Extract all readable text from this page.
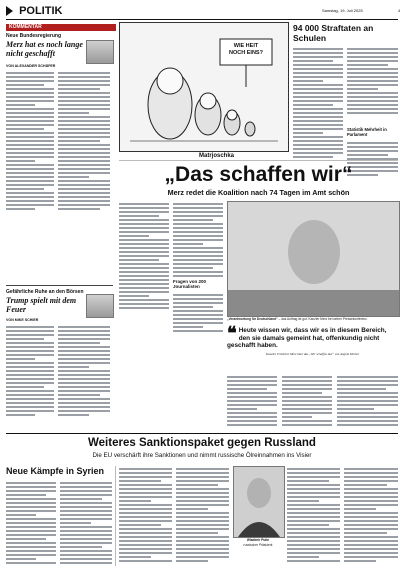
POLITIK	4
Samstag, 19. Juli 2025
KOMMENTAR
Neue Bundesregierung
Merz hat es noch lange nicht geschafft
VON ALEXANDER SCHÄFER
Gefährliche Ruhe an den Börsen
Trump spielt mit dem Feuer
VON MIKE SCHIER
WIE HEIT
NOCH EINS?
Matrjoschka
94 000 Straftaten an Schulen
Statistik Mehrheit in Parlament
„Das schaffen wir“
Merz redet die Koalition nach 74 Tagen im Amt schön
Fragen von 200 Journalisten
„Verantwortung für Deutschland“ – das Auftrag ist gut. Kanzler Merz bei seiner Pressekonferenz.
❝ Heute wissen wir, dass wir es in diesem Bereich, den sie damals gemeint hat, offenkundig nicht geschafft haben.
Kanzler Friedrich Merz über das „Wir schaffen das“ von Angela Merkel
Weiteres Sanktionspaket gegen Russland
Die EU verschärft ihre Sanktionen und nimmt russische Ölreinnahmen ins Visier
Neue Kämpfe in Syrien
Wladimir Putin
russischer Präsident
